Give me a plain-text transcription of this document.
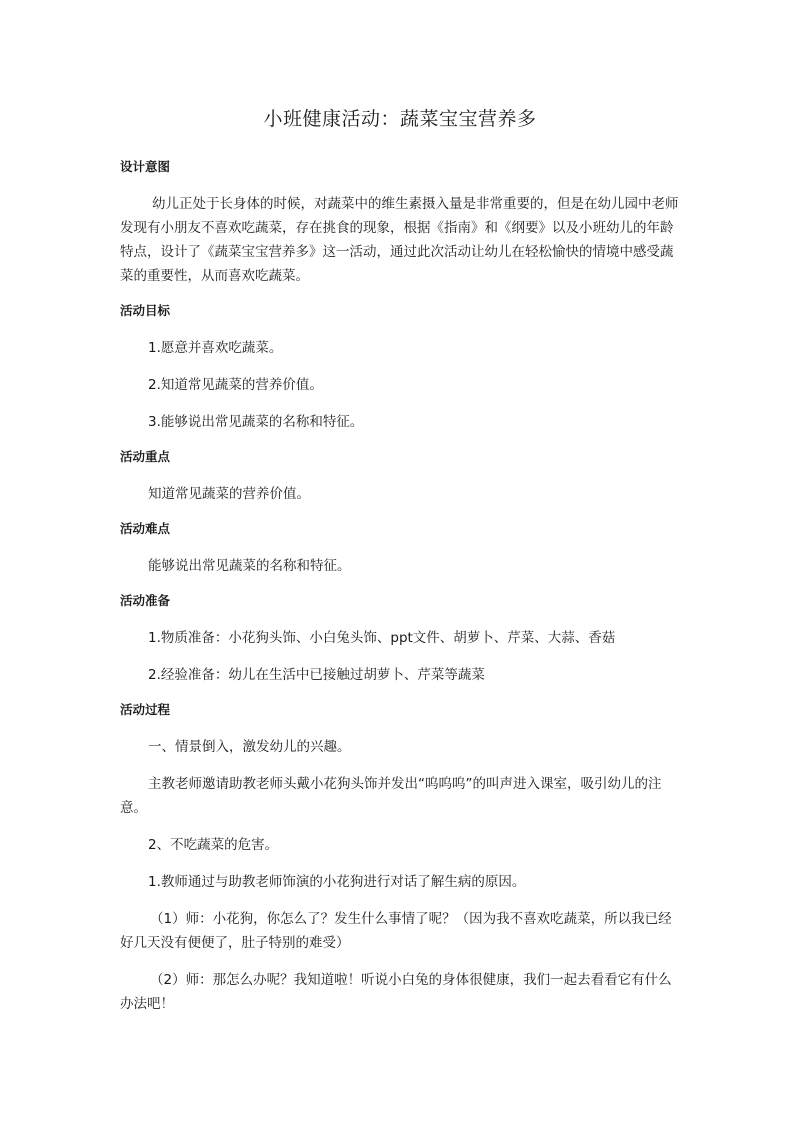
小班健康活动：蔬菜宝宝营养多
设计意图
幼儿正处于长身体的时候，对蔬菜中的维生素摄入量是非常重要的，但是在幼儿园中老师发现有小朋友不喜欢吃蔬菜，存在挑食的现象，根据《指南》和《纲要》以及小班幼儿的年龄特点，设计了《蔬菜宝宝营养多》这一活动，通过此次活动让幼儿在轻松愉快的情境中感受蔬菜的重要性，从而喜欢吃蔬菜。
活动目标
1.愿意并喜欢吃蔬菜。
2.知道常见蔬菜的营养价值。
3.能够说出常见蔬菜的名称和特征。
活动重点
知道常见蔬菜的营养价值。
活动难点
能够说出常见蔬菜的名称和特征。
活动准备
1.物质准备：小花狗头饰、小白兔头饰、ppt文件、胡萝卜、芹菜、大蒜、香菇
2.经验准备：幼儿在生活中已接触过胡萝卜、芹菜等蔬菜
活动过程
一、情景倒入，激发幼儿的兴趣。
主教老师邀请助教老师头戴小花狗头饰并发出“呜呜呜”的叫声进入课室，吸引幼儿的注意。
2、不吃蔬菜的危害。
1.教师通过与助教老师饰演的小花狗进行对话了解生病的原因。
（1）师：小花狗，你怎么了？发生什么事情了呢？（因为我不喜欢吃蔬菜，所以我已经好几天没有便便了，肚子特别的难受）
（2）师：那怎么办呢？我知道啦！听说小白兔的身体很健康，我们一起去看看它有什么办法吧！
